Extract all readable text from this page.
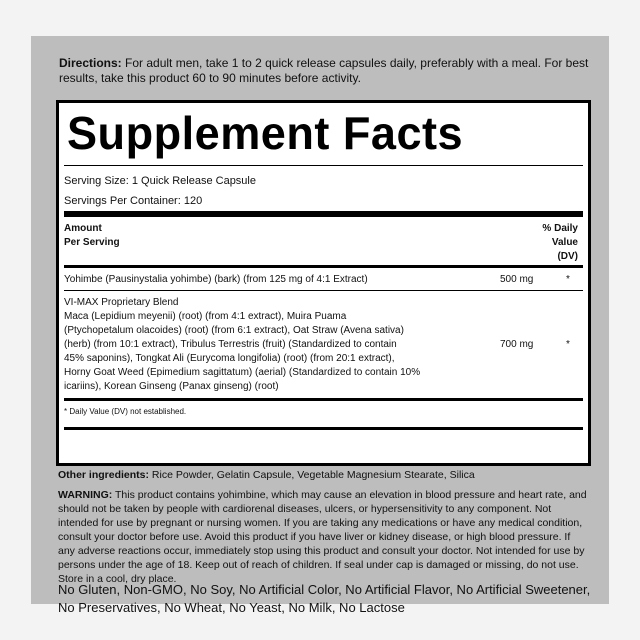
Directions: For adult men, take 1 to 2 quick release capsules daily, preferably with a meal. For best results, take this product 60 to 90 minutes before activity.
Supplement Facts
Serving Size: 1 Quick Release Capsule
Servings Per Container: 120
Amount
Per Serving
% Daily
Value
(DV)
Yohimbe (Pausinystalia yohimbe) (bark) (from 125 mg of 4:1 Extract)	500 mg	*
VI-MAX Proprietary Blend
Maca (Lepidium meyenii) (root) (from 4:1 extract), Muira Puama
(Ptychopetalum olacoides) (root) (from 6:1 extract), Oat Straw (Avena sativa)
(herb) (from 10:1 extract), Tribulus Terrestris (fruit) (Standardized to contain
45% saponins), Tongkat Ali (Eurycoma longifolia) (root) (from 20:1 extract),
Horny Goat Weed (Epimedium sagittatum) (aerial) (Standardized to contain 10%
icariins), Korean Ginseng (Panax ginseng) (root)
700 mg	*
* Daily Value (DV) not established.
Other ingredients: Rice Powder, Gelatin Capsule, Vegetable Magnesium Stearate, Silica
WARNING: This product contains yohimbine, which may cause an elevation in blood pressure and heart rate, and should not be taken by people with cardiorenal diseases, ulcers, or hypersensitivity to any component. Not intended for use by pregnant or nursing women. If you are taking any medications or have any medical condition, consult your doctor before use. Avoid this product if you have liver or kidney disease, or high blood pressure. If any adverse reactions occur, immediately stop using this product and consult your doctor. Not intended for use by persons under the age of 18. Keep out of reach of children. If seal under cap is damaged or missing, do not use. Store in a cool, dry place.
No Gluten, Non-GMO, No Soy, No Artificial Color, No Artificial Flavor, No Artificial Sweetener, No Preservatives, No Wheat, No Yeast, No Milk, No Lactose
